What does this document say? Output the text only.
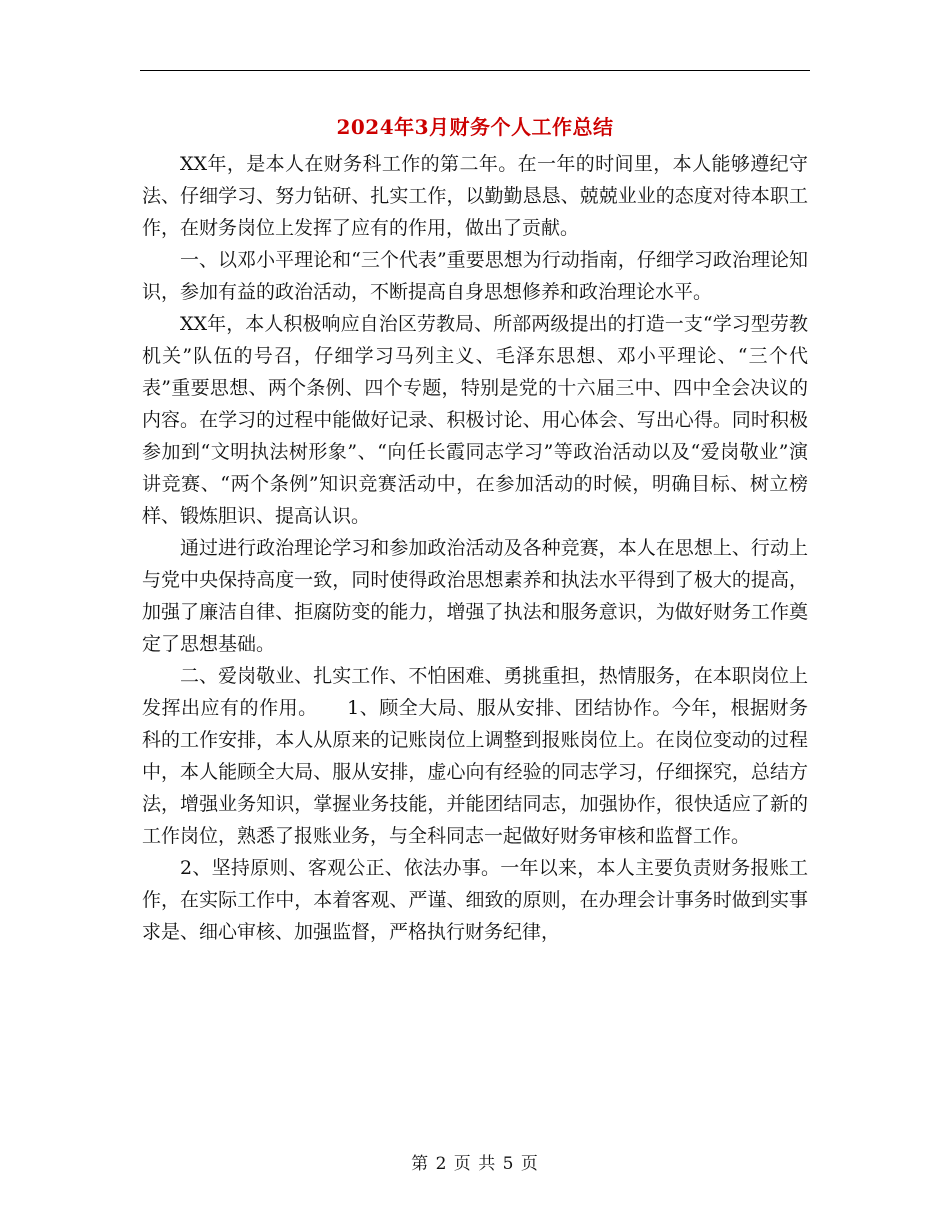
2024年3月财务个人工作总结

XX年，是本人在财务科工作的第二年。在一年的时间里，本人能够遵纪守法、仔细学习、努力钻研、扎实工作，以勤勤恳恳、兢兢业业的态度对待本职工作，在财务岗位上发挥了应有的作用，做出了贡献。

一、以邓小平理论和“三个代表”重要思想为行动指南，仔细学习政治理论知识，参加有益的政治活动，不断提高自身思想修养和政治理论水平。

XX年，本人积极响应自治区劳教局、所部两级提出的打造一支“学习型劳教机关”队伍的号召，仔细学习马列主义、毛泽东思想、邓小平理论、“三个代表”重要思想、两个条例、四个专题，特别是党的十六届三中、四中全会决议的内容。在学习的过程中能做好记录、积极讨论、用心体会、写出心得。同时积极参加到“文明执法树形象”、“向任长霞同志学习”等政治活动以及“爱岗敬业”演讲竞赛、“两个条例”知识竞赛活动中，在参加活动的时候，明确目标、树立榜样、锻炼胆识、提高认识。

通过进行政治理论学习和参加政治活动及各种竞赛，本人在思想上、行动上与党中央保持高度一致，同时使得政治思想素养和执法水平得到了极大的提高，加强了廉洁自律、拒腐防变的能力，增强了执法和服务意识，为做好财务工作奠定了思想基础。

二、爱岗敬业、扎实工作、不怕困难、勇挑重担，热情服务，在本职岗位上发挥出应有的作用。　　1、顾全大局、服从安排、团结协作。今年，根据财务科的工作安排，本人从原来的记账岗位上调整到报账岗位上。在岗位变动的过程中，本人能顾全大局、服从安排，虚心向有经验的同志学习，仔细探究，总结方法，增强业务知识，掌握业务技能，并能团结同志，加强协作，很快适应了新的工作岗位，熟悉了报账业务，与全科同志一起做好财务审核和监督工作。

2、坚持原则、客观公正、依法办事。一年以来，本人主要负责财务报账工作，在实际工作中，本着客观、严谨、细致的原则，在办理会计事务时做到实事求是、细心审核、加强监督，严格执行财务纪律，

第 2 页 共 5 页
